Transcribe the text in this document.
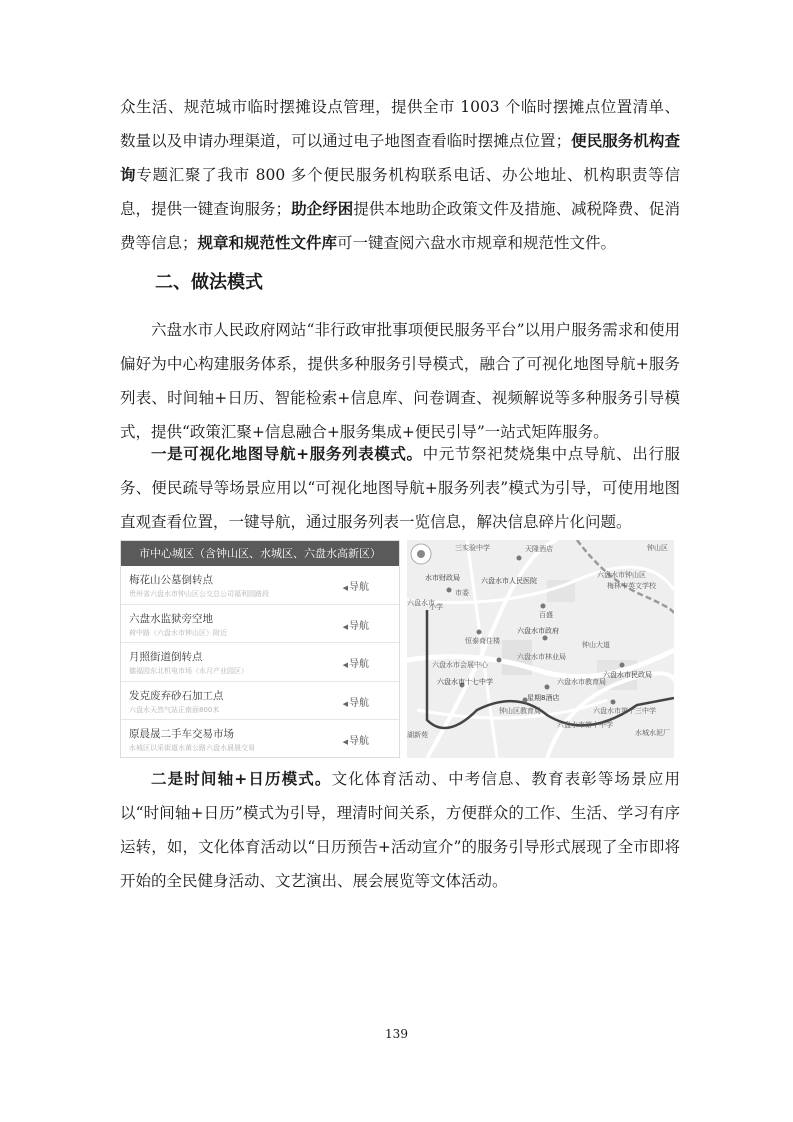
众生活、规范城市临时摆摊设点管理，提供全市 1003 个临时摆摊点位置清单、数量以及申请办理渠道，可以通过电子地图查看临时摆摊点位置；便民服务机构查询专题汇聚了我市 800 多个便民服务机构联系电话、办公地址、机构职责等信息，提供一键查询服务；助企纾困提供本地助企政策文件及措施、减税降费、促消费等信息；规章和规范性文件库可一键查阅六盘水市规章和规范性文件。
二、做法模式
六盘水市人民政府网站“非行政审批事项便民服务平台”以用户服务需求和使用偏好为中心构建服务体系，提供多种服务引导模式，融合了可视化地图导航+服务列表、时间轴+日历、智能检索+信息库、问卷调查、视频解说等多种服务引导模式，提供“政策汇聚+信息融合+服务集成+便民引导”一站式矩阵服务。
一是可视化地图导航+服务列表模式。中元节祭祀焚烧集中点导航、出行服务、便民疏导等场景应用以“可视化地图导航+服务列表”模式为引导，可使用地图直观查看位置，一键导航，通过服务列表一览信息，解决信息碎片化问题。
市中心城区（含钟山区、水城区、六盘水高新区）
梅花山公墓倒转点
贵州省六盘水市钟山区公交总公司福利园路段
◀导航
六盘水监狱旁空地
荷中路（六盘水市钟山区）附近
◀导航
月照街道倒转点
德福园东北机电市场（水月产业园区）
◀导航
发克废弃砂石加工点
六盘水天然气站正南面800米
◀导航
原晨晟二手车交易市场
水城区以采街道水黄公路六盘水晨晟交易
◀导航
三实验中学	天隆酒店	钟山区
六盘水市钟山区
梅林中英文学校
水市财政局	六盘水市人民医院
市委
小学
百盛
六盘水市
恒泰商住楼
六盘水市政府
钟山大道
六盘水市林业局
六盘水市会展中心
六盘水市民政局
六盘水市十七中学	六盘水市教育局
星期8酒店
钟山区教育局	六盘水市第十三中学
六盘水市第十中学
湖新苑	水城水泥厂
二是时间轴+日历模式。文化体育活动、中考信息、教育表彰等场景应用以“时间轴+日历”模式为引导，理清时间关系，方便群众的工作、生活、学习有序运转，如，文化体育活动以“日历预告+活动宣介”的服务引导形式展现了全市即将开始的全民健身活动、文艺演出、展会展览等文体活动。
139
